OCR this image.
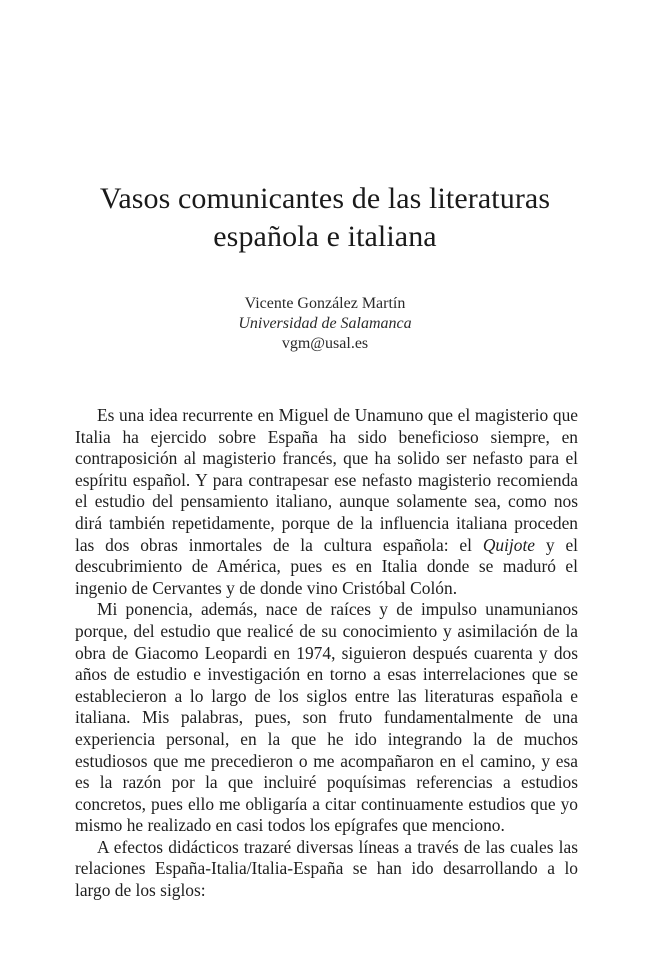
Vasos comunicantes de las literaturas
española e italiana
Vicente González Martín
Universidad de Salamanca
vgm@usal.es

Es una idea recurrente en Miguel de Unamuno que el magisterio que Italia ha ejercido sobre España ha sido beneficioso siempre, en contraposición al magisterio francés, que ha solido ser nefasto para el espíritu español. Y para contrapesar ese nefasto magisterio recomienda el estudio del pensamiento italiano, aunque solamente sea, como nos dirá también repetidamente, porque de la influencia italiana proceden las dos obras inmortales de la cultura española: el Quijote y el descubrimiento de América, pues es en Italia donde se maduró el ingenio de Cervantes y de donde vino Cristóbal Colón.

Mi ponencia, además, nace de raíces y de impulso unamunianos porque, del estudio que realicé de su conocimiento y asimilación de la obra de Giacomo Leopardi en 1974, siguieron después cuarenta y dos años de estudio e investigación en torno a esas interrelaciones que se establecieron a lo largo de los siglos entre las literaturas española e italiana. Mis palabras, pues, son fruto fundamentalmente de una experiencia personal, en la que he ido integrando la de muchos estudiosos que me precedieron o me acompañaron en el camino, y esa es la razón por la que incluiré poquísimas referencias a estudios concretos, pues ello me obligaría a citar continuamente estudios que yo mismo he realizado en casi todos los epígrafes que menciono.

A efectos didácticos trazaré diversas líneas a través de las cuales las relaciones España-Italia/Italia-España se han ido desarrollando a lo largo de los siglos:
